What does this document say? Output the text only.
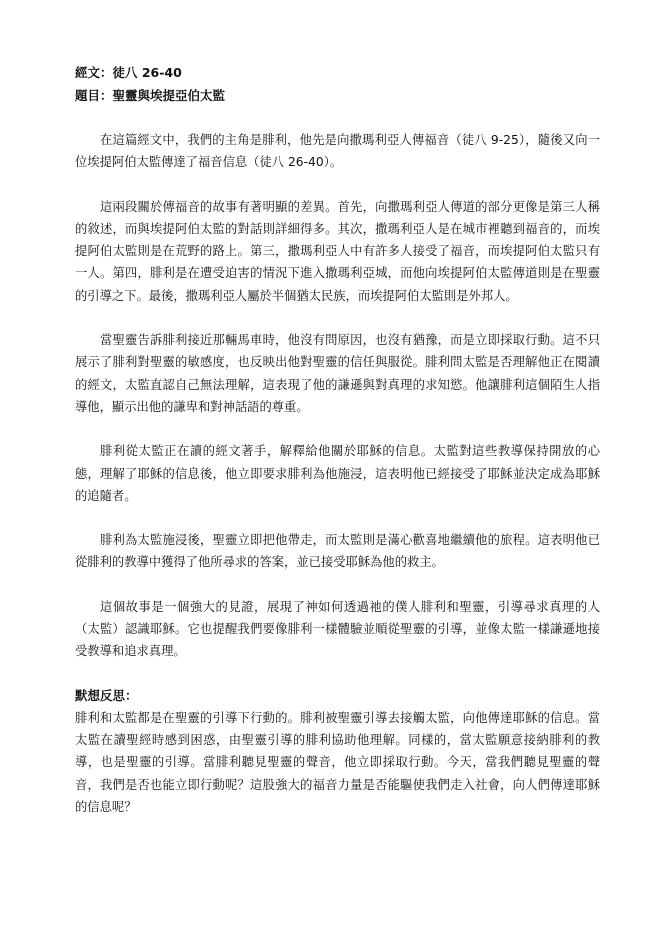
經文：徒八 26-40

題目：聖靈與埃提亞伯太監

在這篇經文中，我們的主角是腓利，他先是向撒瑪利亞人傳福音（徒八 9-25），隨後又向一位埃提阿伯太監傳達了福音信息（徒八 26-40）。

這兩段關於傳福音的故事有著明顯的差異。首先，向撒瑪利亞人傳道的部分更像是第三人稱的敘述，而與埃提阿伯太監的對話則詳細得多。其次，撒瑪利亞人是在城市裡聽到福音的，而埃提阿伯太監則是在荒野的路上。第三，撒瑪利亞人中有許多人接受了福音，而埃提阿伯太監只有一人。第四，腓利是在遭受迫害的情況下進入撒瑪利亞城，而他向埃提阿伯太監傳道則是在聖靈的引導之下。最後，撒瑪利亞人屬於半個猶太民族，而埃提阿伯太監則是外邦人。

當聖靈告訴腓利接近那輛馬車時，他沒有問原因，也沒有猶豫，而是立即採取行動。這不只展示了腓利對聖靈的敏感度，也反映出他對聖靈的信任與服從。腓利問太監是否理解他正在閱讀的經文，太監直認自己無法理解，這表現了他的謙遜與對真理的求知慾。他讓腓利這個陌生人指導他，顯示出他的謙卑和對神話語的尊重。

腓利從太監正在讀的經文著手，解釋給他關於耶穌的信息。太監對這些教導保持開放的心態，理解了耶穌的信息後，他立即要求腓利為他施浸，這表明他已經接受了耶穌並決定成為耶穌的追隨者。

腓利為太監施浸後，聖靈立即把他帶走，而太監則是滿心歡喜地繼續他的旅程。這表明他已從腓利的教導中獲得了他所尋求的答案，並已接受耶穌為他的救主。

這個故事是一個強大的見證，展現了神如何透過祂的僕人腓利和聖靈，引導尋求真理的人（太監）認識耶穌。它也提醒我們要像腓利一樣體驗並順從聖靈的引導，並像太監一樣謙遜地接受教導和追求真理。

默想反思：

腓利和太監都是在聖靈的引導下行動的。腓利被聖靈引導去接觸太監，向他傳達耶穌的信息。當太監在讀聖經時感到困惑，由聖靈引導的腓利協助他理解。同樣的，當太監願意接納腓利的教導，也是聖靈的引導。當腓利聽見聖靈的聲音，他立即採取行動。今天，當我們聽見聖靈的聲音，我們是否也能立即行動呢？這股強大的福音力量是否能驅使我們走入社會，向人們傳達耶穌的信息呢？
